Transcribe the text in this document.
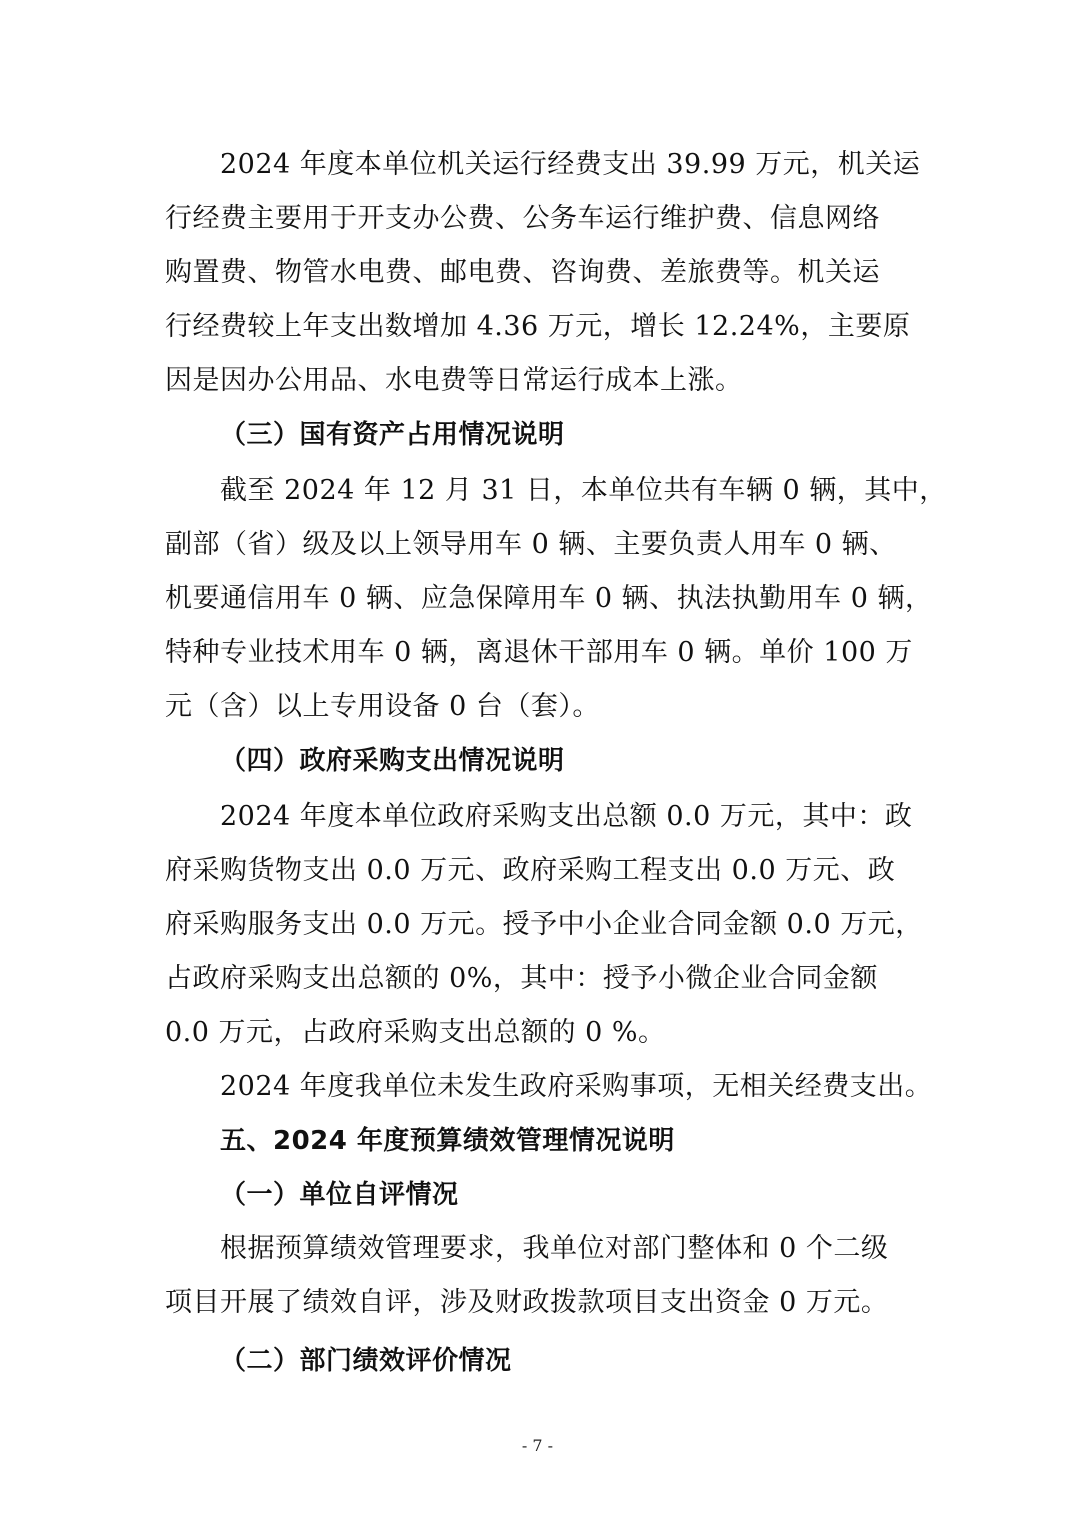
2024 年度本单位机关运行经费支出 39.99 万元，机关运
行经费主要用于开支办公费、公务车运行维护费、信息网络
购置费、物管水电费、邮电费、咨询费、差旅费等。机关运
行经费较上年支出数增加 4.36 万元，增长 12.24%，主要原
因是因办公用品、水电费等日常运行成本上涨。
（三）国有资产占用情况说明
截至 2024 年 12 月 31 日，本单位共有车辆 0 辆，其中，
副部（省）级及以上领导用车 0 辆、主要负责人用车 0 辆、
机要通信用车 0 辆、应急保障用车 0 辆、执法执勤用车 0 辆，
特种专业技术用车 0 辆，离退休干部用车 0 辆。单价 100 万
元（含）以上专用设备 0 台（套）。
（四）政府采购支出情况说明
2024 年度本单位政府采购支出总额 0.0 万元，其中：政
府采购货物支出 0.0 万元、政府采购工程支出 0.0 万元、政
府采购服务支出 0.0 万元。授予中小企业合同金额 0.0 万元，
占政府采购支出总额的 0%，其中：授予小微企业合同金额
0.0 万元，占政府采购支出总额的 0 %。
2024 年度我单位未发生政府采购事项，无相关经费支出。
五、2024 年度预算绩效管理情况说明
（一）单位自评情况
根据预算绩效管理要求，我单位对部门整体和 0 个二级
项目开展了绩效自评，涉及财政拨款项目支出资金 0 万元。
（二）部门绩效评价情况
- 7 -
